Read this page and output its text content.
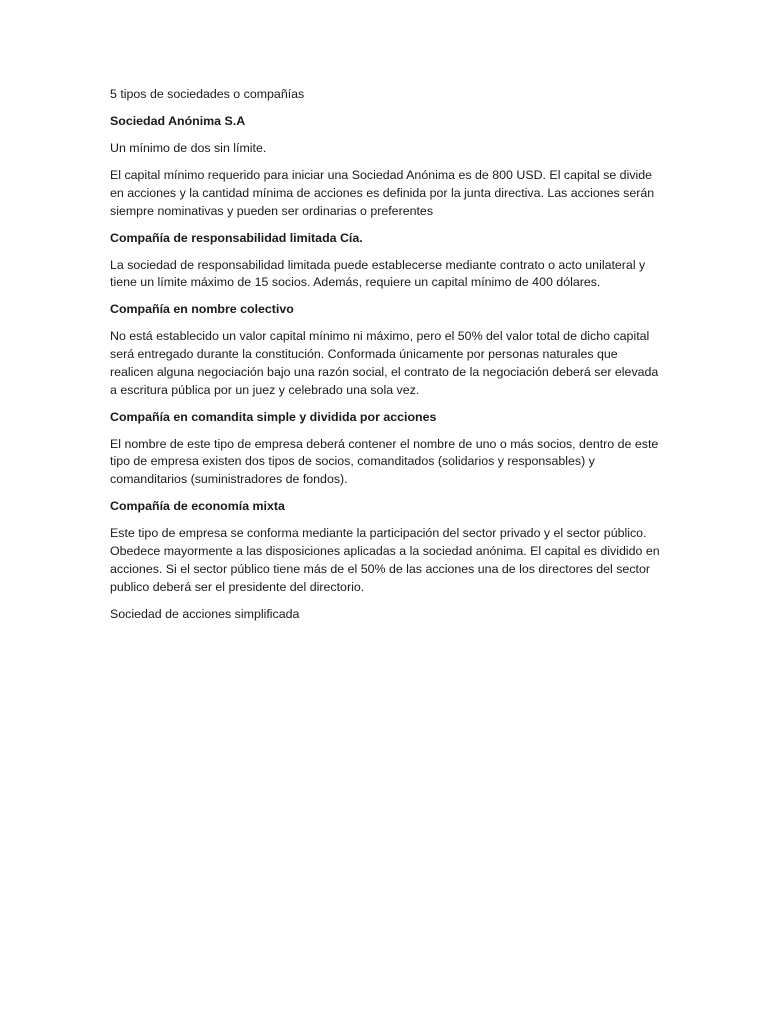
5 tipos de sociedades o compañías

Sociedad Anónima S.A

Un mínimo de dos sin límite.

El capital mínimo requerido para iniciar una Sociedad Anónima es de 800 USD. El capital se divide en acciones y la cantidad mínima de acciones es definida por la junta directiva. Las acciones serán siempre nominativas y pueden ser ordinarias o preferentes

Compañía de responsabilidad limitada Cía.

La sociedad de responsabilidad limitada puede establecerse mediante contrato o acto unilateral y tiene un límite máximo de 15 socios. Además, requiere un capital mínimo de 400 dólares.

Compañía en nombre colectivo

No está establecido un valor capital mínimo ni máximo, pero el 50% del valor total de dicho capital será entregado durante la constitución. Conformada únicamente por personas naturales que realicen alguna negociación bajo una razón social, el contrato de la negociación deberá ser elevada a escritura pública por un juez y celebrado una sola vez.

Compañía en comandita simple y dividida por acciones

El nombre de este tipo de empresa deberá contener el nombre de uno o más socios, dentro de este tipo de empresa existen dos tipos de socios, comanditados (solidarios y responsables) y comanditarios (suministradores de fondos).

Compañía de economía mixta

Este tipo de empresa se conforma mediante la participación del sector privado y el sector público. Obedece mayormente a las disposiciones aplicadas a la sociedad anónima. El capital es dividido en acciones. Si el sector público tiene más de el 50% de las acciones una de los directores del sector publico deberá ser el presidente del directorio.

Sociedad de acciones simplificada
